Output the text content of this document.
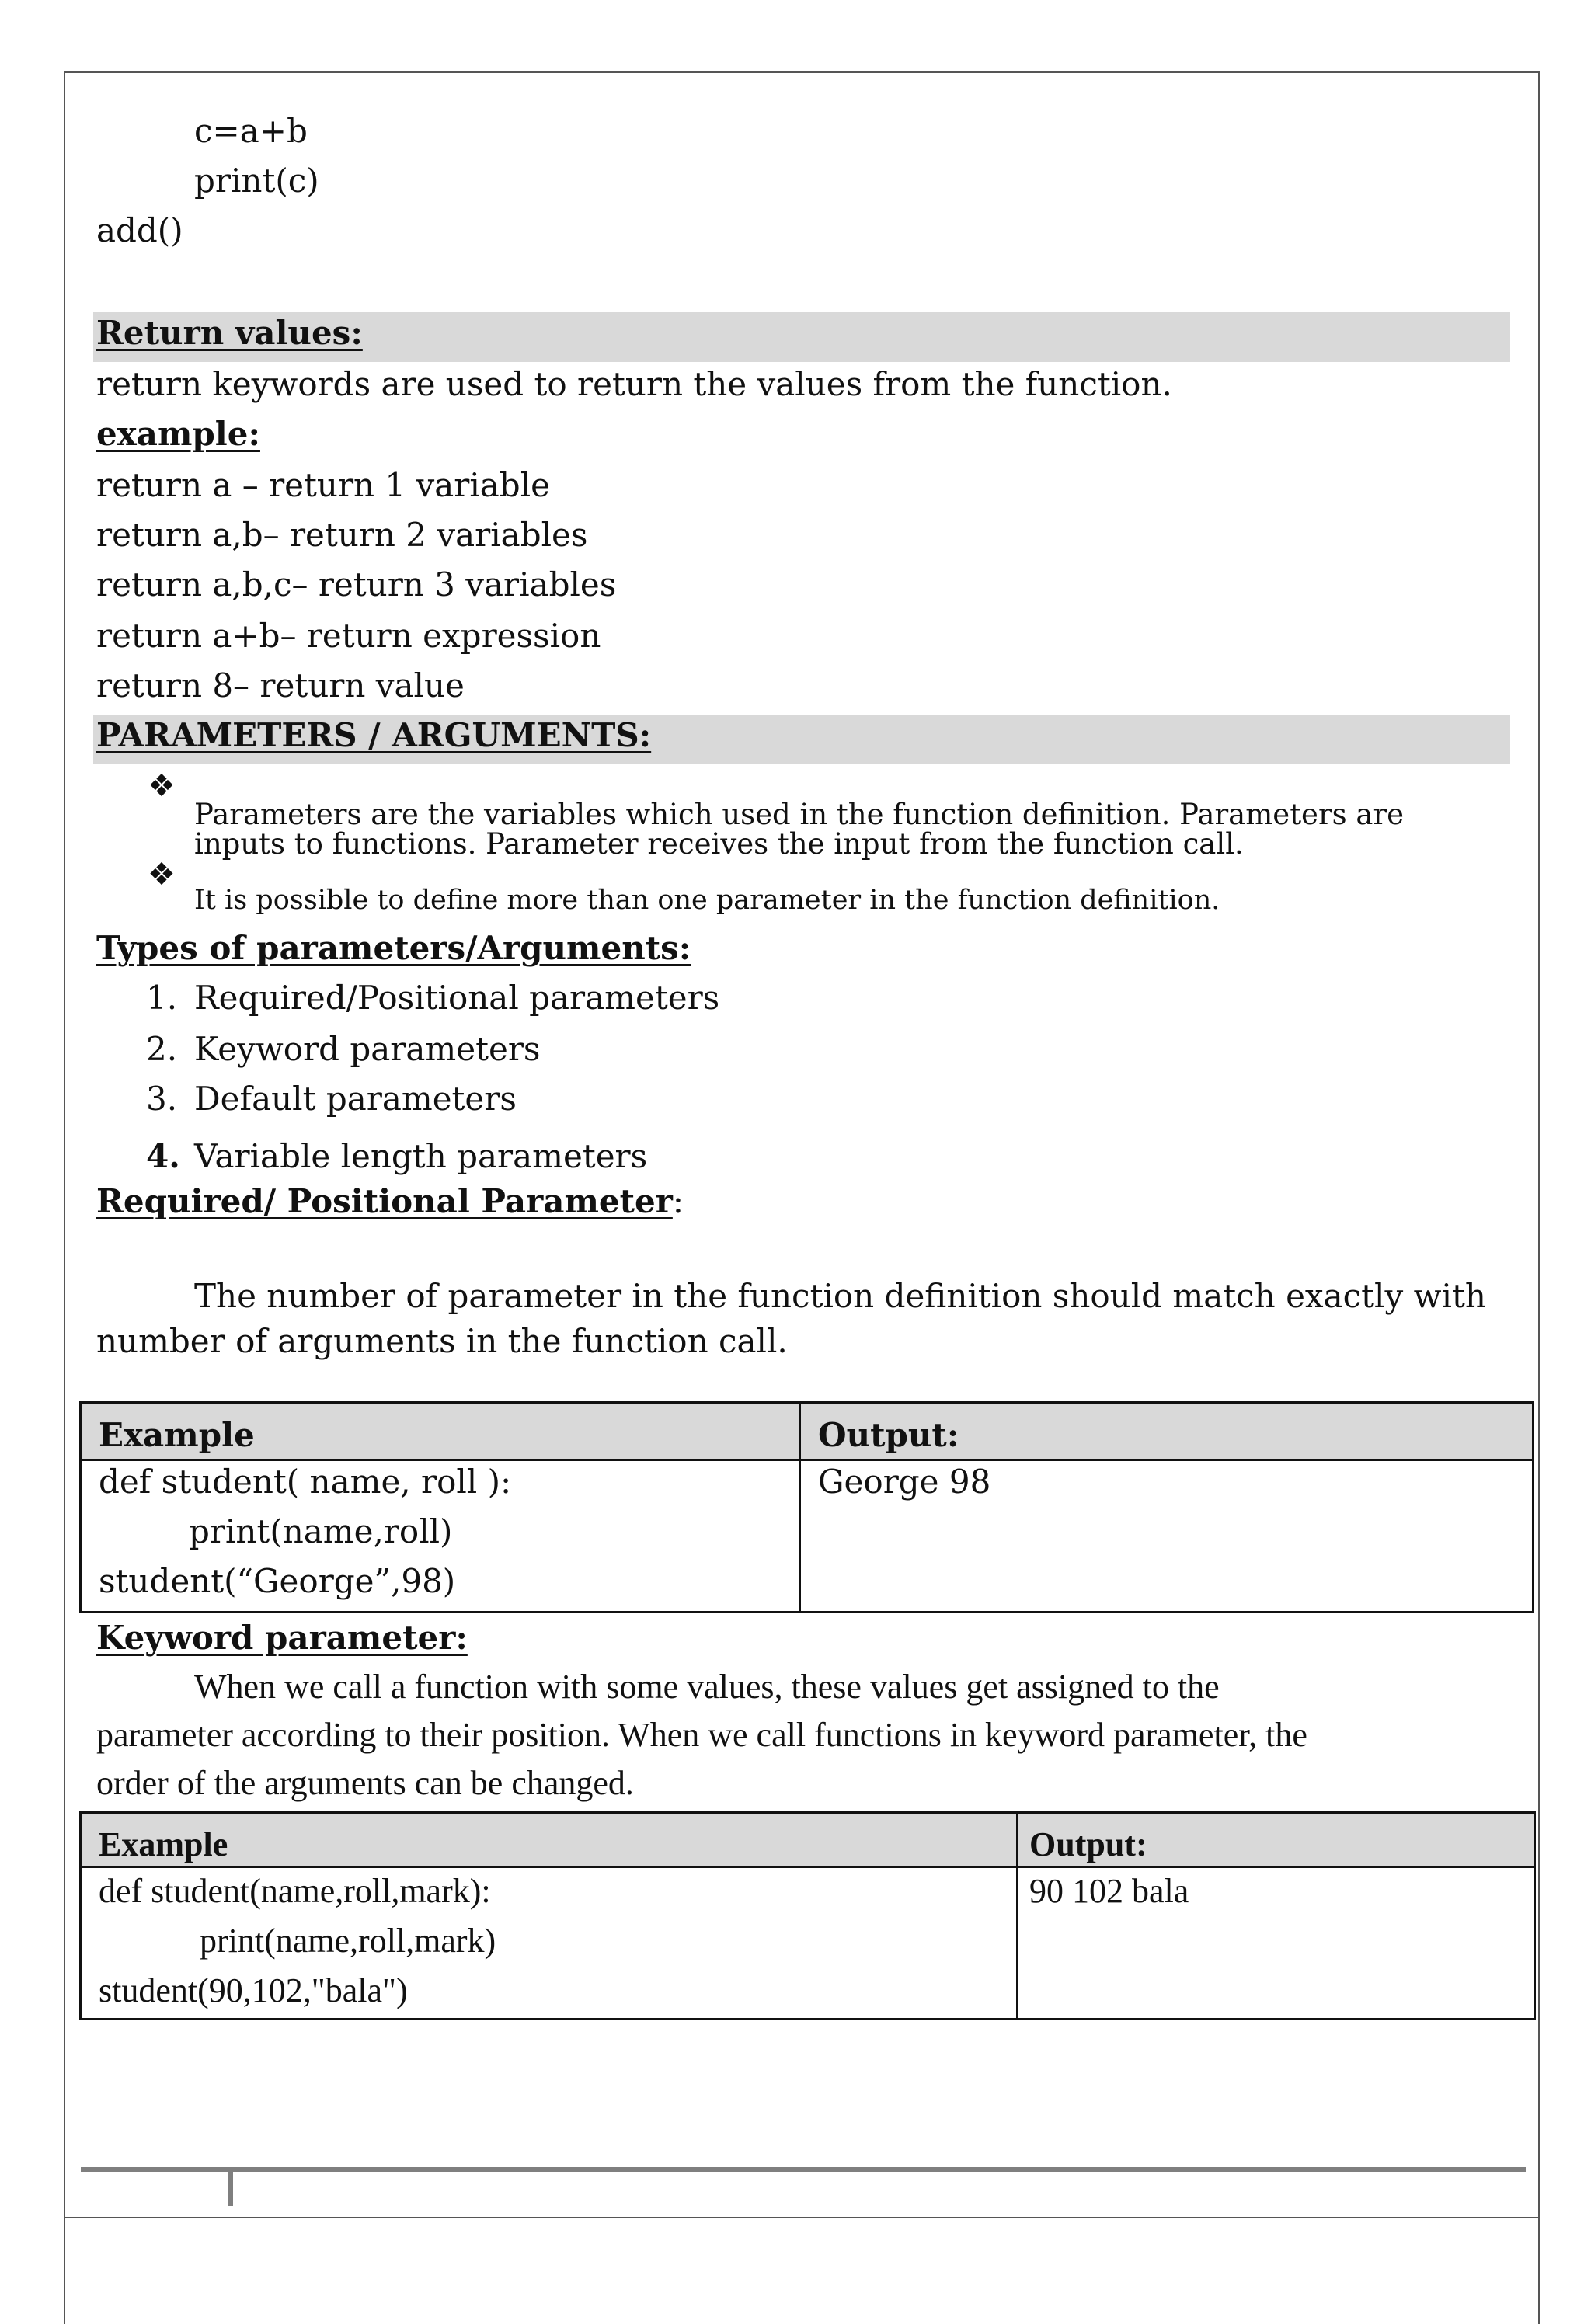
c=a+b
print(c)
add()
Return values:
return keywords are used to return the values from the function.
example:
return a – return 1 variable
return a,b– return 2 variables
return a,b,c– return 3 variables
return a+b– return expression
return 8– return value
PARAMETERS / ARGUMENTS:
❖
Parameters are the variables which used in the function definition. Parameters are
inputs to functions. Parameter receives the input from the function call.
❖
It is possible to define more than one parameter in the function definition.
Types of parameters/Arguments:
1. Required/Positional parameters
2. Keyword parameters
3. Default parameters
4. Variable length parameters
Required/ Positional Parameter:
The number of parameter in the function definition should match exactly with
number of arguments in the function call.
Example	Output:

def student( name, roll ):
print(name,roll)
student(“George”,98)	George 98
Keyword parameter:
When we call a function with some values, these values get assigned to the
parameter according to their position. When we call functions in keyword parameter, the
order of the arguments can be changed.
Example	Output:

def student(name,roll,mark):
print(name,roll,mark)
student(90,102,"bala")	90 102 bala
